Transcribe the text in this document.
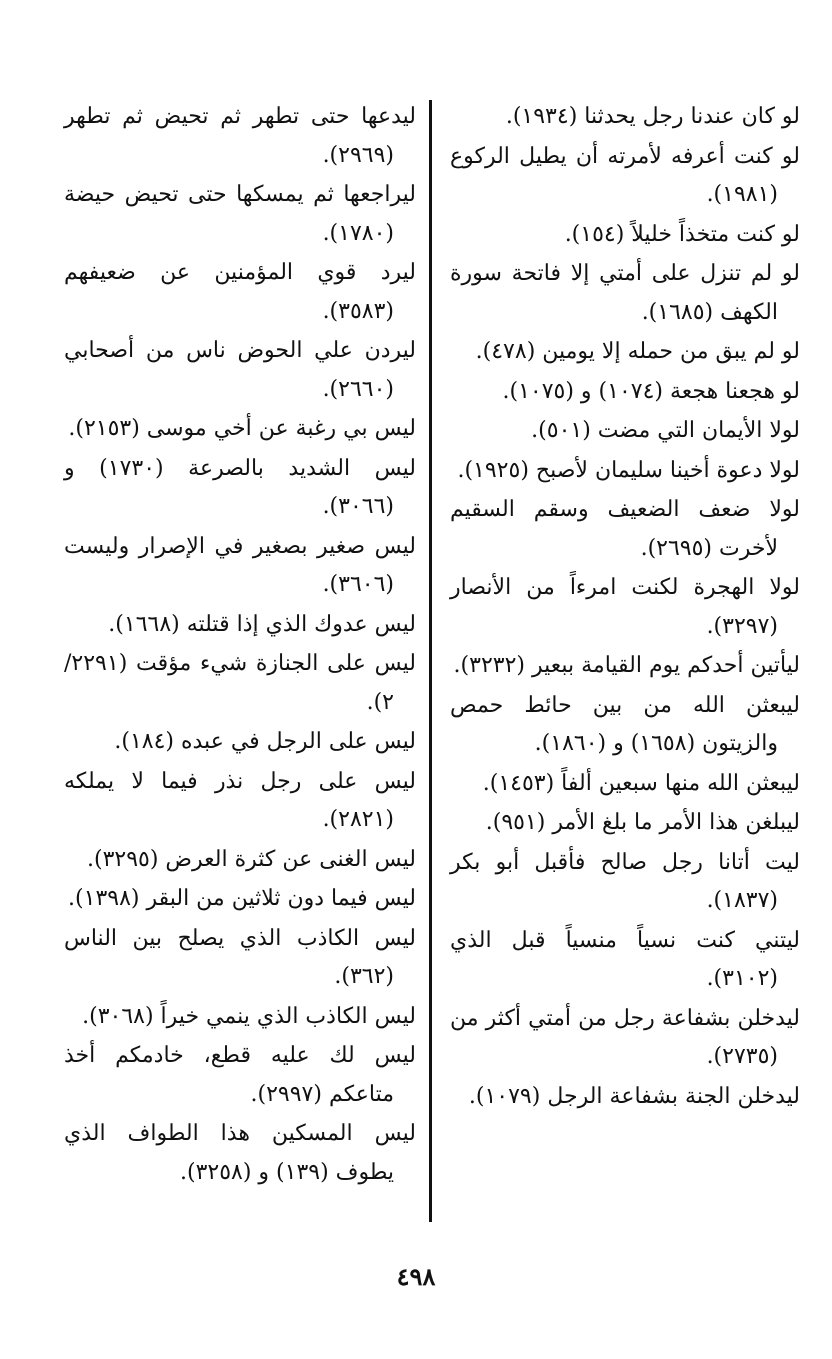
لو كان عندنا رجل يحدثنا (١٩٣٤).
لو كنت أعرفه لأمرته أن يطيل الركوع (١٩٨١).
لو كنت متخذاً خليلاً (١٥٤).
لو لم تنزل على أمتي إلا فاتحة سورة الكهف (١٦٨٥).
لو لم يبق من حمله إلا يومين (٤٧٨).
لو هجعنا هجعة (١٠٧٤) و (١٠٧٥).
لولا الأيمان التي مضت (٥٠١).
لولا دعوة أخينا سليمان لأصبح (١٩٢٥).
لولا ضعف الضعيف وسقم السقيم لأخرت (٢٦٩٥).
لولا الهجرة لكنت امرءاً من الأنصار (٣٢٩٧).
ليأتين أحدكم يوم القيامة ببعير (٣٢٣٢).
ليبعثن الله من بين حائط حمص والزيتون (١٦٥٨) و (١٨٦٠).
ليبعثن الله منها سبعين ألفاً (١٤٥٣).
ليبلغن هذا الأمر ما بلغ الأمر (٩٥١).
ليت أتانا رجل صالح فأقبل أبو بكر (١٨٣٧).
ليتني كنت نسياً منسياً قبل الذي (٣١٠٢).
ليدخلن بشفاعة رجل من أمتي أكثر من (٢٧٣٥).
ليدخلن الجنة بشفاعة الرجل (١٠٧٩).
ليدعها حتى تطهر ثم تحيض ثم تطهر (٢٩٦٩).
ليراجعها ثم يمسكها حتى تحيض حيضة (١٧٨٠).
ليرد قوي المؤمنين عن ضعيفهم (٣٥٨٣).
ليردن علي الحوض ناس من أصحابي (٢٦٦٠).
ليس بي رغبة عن أخي موسى (٢١٥٣).
ليس الشديد بالصرعة (١٧٣٠) و (٣٠٦٦).
ليس صغير بصغير في الإصرار وليست (٣٦٠٦).
ليس عدوك الذي إذا قتلته (١٦٦٨).
ليس على الجنازة شيء مؤقت (٢٢٩١/ ٢).
ليس على الرجل في عبده (١٨٤).
ليس على رجل نذر فيما لا يملكه (٢٨٢١).
ليس الغنى عن كثرة العرض (٣٢٩٥).
ليس فيما دون ثلاثين من البقر (١٣٩٨).
ليس الكاذب الذي يصلح بين الناس (٣٦٢).
ليس الكاذب الذي ينمي خيراً (٣٠٦٨).
ليس لك عليه قطع، خادمكم أخذ متاعكم (٢٩٩٧).
ليس المسكين هذا الطواف الذي يطوف (١٣٩) و (٣٢٥٨).
٤٩٨
